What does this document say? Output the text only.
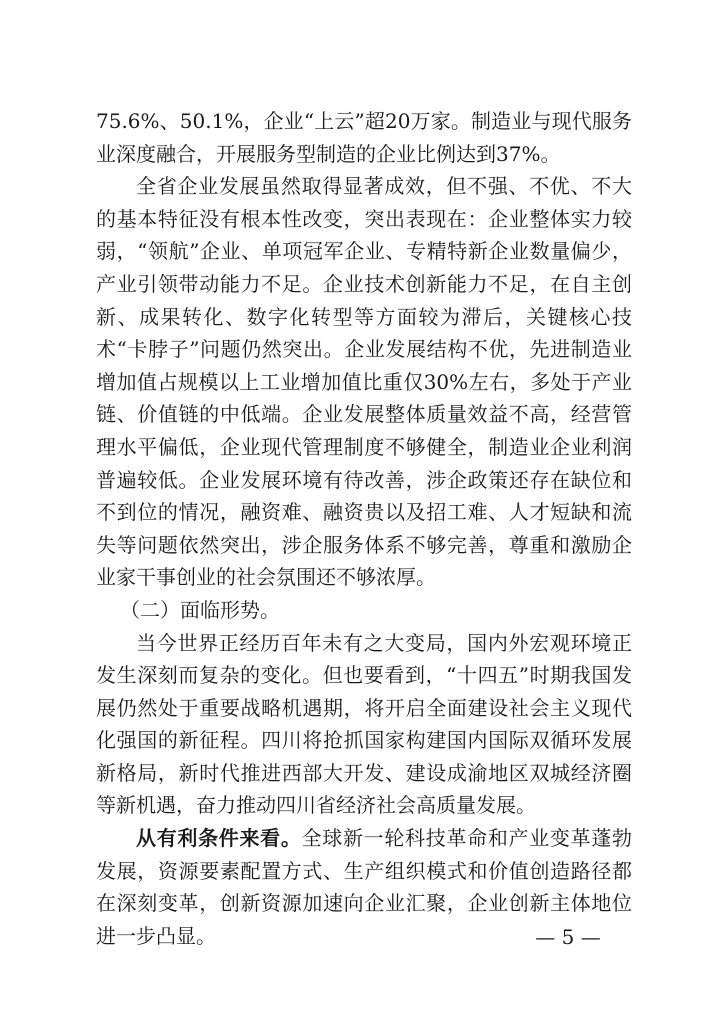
75.6%、50.1%，企业“上云”超20万家。制造业与现代服务业深度融合，开展服务型制造的企业比例达到37%。

全省企业发展虽然取得显著成效，但不强、不优、不大的基本特征没有根本性改变，突出表现在：企业整体实力较弱，“领航”企业、单项冠军企业、专精特新企业数量偏少，产业引领带动能力不足。企业技术创新能力不足，在自主创新、成果转化、数字化转型等方面较为滞后，关键核心技术“卡脖子”问题仍然突出。企业发展结构不优，先进制造业增加值占规模以上工业增加值比重仅30%左右，多处于产业链、价值链的中低端。企业发展整体质量效益不高，经营管理水平偏低，企业现代管理制度不够健全，制造业企业利润普遍较低。企业发展环境有待改善，涉企政策还存在缺位和不到位的情况，融资难、融资贵以及招工难、人才短缺和流失等问题依然突出，涉企服务体系不够完善，尊重和激励企业家干事创业的社会氛围还不够浓厚。

（二）面临形势。

当今世界正经历百年未有之大变局，国内外宏观环境正发生深刻而复杂的变化。但也要看到，“十四五”时期我国发展仍然处于重要战略机遇期，将开启全面建设社会主义现代化强国的新征程。四川将抢抓国家构建国内国际双循环发展新格局，新时代推进西部大开发、建设成渝地区双城经济圈等新机遇，奋力推动四川省经济社会高质量发展。

从有利条件来看。全球新一轮科技革命和产业变革蓬勃发展，资源要素配置方式、生产组织模式和价值创造路径都在深刻变革，创新资源加速向企业汇聚，企业创新主体地位进一步凸显。	— 5 —
